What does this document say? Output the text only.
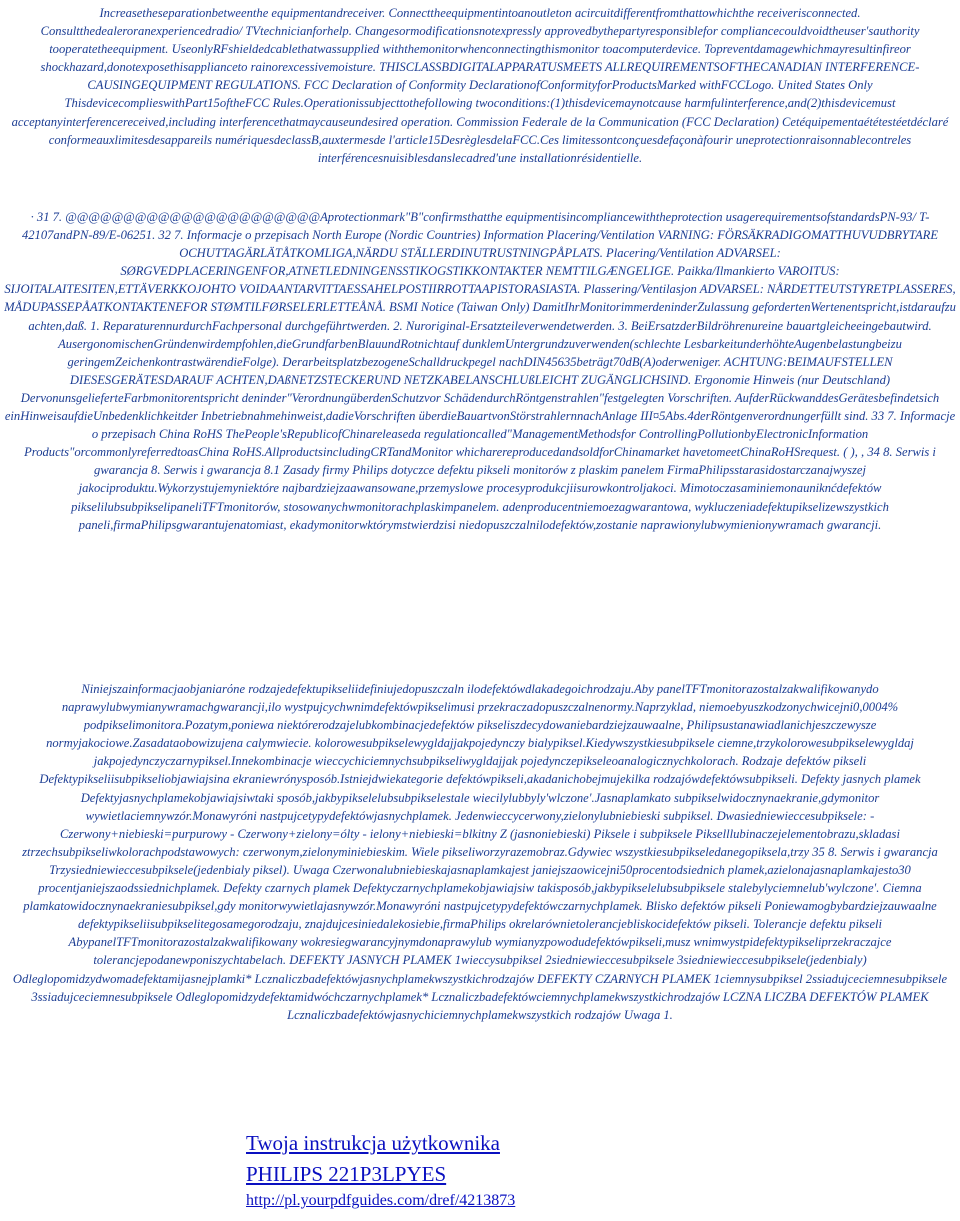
Increasetheseparationbetweenthe equipmentandreceiver. Connecttheequipmentintoanoutleton acircuitdifferentfromthattowhichthe receiverisconnected. Consultthedealeroranexperiencedradio/ TVtechnicianforhelp. Changesormodificationsnotexpressly approvedbythepartyresponsiblefor compliancecouldvoidtheuser'sauthority tooperatetheequipment. UseonlyRFshieldedcablethatwassupplied withthemonitorwhenconnectingthismonitor toacomputerdevice. Topreventdamagewhichmayresultinfireor shockhazard,donotexposethisapplianceto rainorexcessivemoisture. THISCLASSBDIGITALAPPARATUSMEETS ALLREQUIREMENTSOFTHECANADIAN INTERFERENCE-CAUSINGEQUIPMENT REGULATIONS. FCC Declaration of Conformity DeclarationofConformityforProductsMarked withFCCLogo. United States Only ThisdevicecomplieswithPart15oftheFCC Rules.Operationissubjecttothefollowing twoconditions:(1)thisdevicemaynotcause harmfulinterference,and(2)thisdevicemust acceptanyinterferencereceived,including interferencethatmaycauseundesired operation. Commission Federale de la Communication (FCC Declaration) Cetéquipementaététestéetdéclaré conformeauxlimitesdesappareils numériquesdeclassB,auxtermesde l'article15DesrèglesdelaFCC.Ces limitessontconçuesdefaçonàfourir uneprotectionraisonnablecontreles interférencesnuisiblesdanslecadred'une installationrésidentielle.

· 31 7. @@@@@@@@@@@@@@@@@@@@@@Aprotectionmark"B"confirmsthatthe equipmentisincompliancewiththeprotection usagerequirementsofstandardsPN-93/ T-42107andPN-89/E-06251. 32 7. Informacje o przepisach North Europe (Nordic Countries) Information Placering/Ventilation VARNING: FÖRSÄKRADIGOMATTHUVUDBRYTARE OCHUTTAGÄRLÄTÅTKOMLIGA,NÄRDU STÄLLERDINUTRUSTNINGPÅPLATS. Placering/Ventilation ADVARSEL: SØRGVEDPLACERINGENFOR,ATNETLEDNINGENSSTIKOGSTIKKONTAKTER NEMTTILGÆNGELIGE. Paikka/Ilmankierto VAROITUS: SIJOITALAITESITEN,ETTÄVERKKOJOHTO VOIDAANTARVITTAESSAHELPOSTIIRROTTAAPISTORASIASTA. Plassering/Ventilasjon ADVARSEL: NÅRDETTEUTSTYRETPLASSERES, MÅDUPASSEPÅATKONTAKTENEFOR STØMTILFØRSELERLETTEÅNÅ. BSMI Notice (Taiwan Only) DamitIhrMonitorimmerdeninderZulassung gefordertenWertenentspricht,istdaraufzu achten,daß. 1. ReparaturennurdurchFachpersonal durchgeführtwerden. 2. Nuroriginal-Ersatzteileverwendetwerden. 3. BeiErsatzderBildröhrenureine bauartgleicheeingebautwird. AusergonomischenGründenwirdempfohlen,dieGrundfarbenBlauundRotnichtauf dunklemUntergrundzuverwenden(schlechte LesbarkeitunderhöhteAugenbelastungbeizu geringemZeichenkontrastwärendieFolge). DerarbeitsplatzbezogeneSchalldruckpegel nachDIN45635beträgt70dB(A)oderweniger. ACHTUNG:BEIMAUFSTELLEN DIESESGERÄTESDARAUF ACHTEN,DAßNETZSTECKERUND NETZKABELANSCHLUßLEICHT ZUGÄNGLICHSIND. Ergonomie Hinweis (nur Deutschland) DervonunsgeliefertеFarbmonitorentspricht deninder"VerordnungüberdenSchutzvor SchädendurchRöntgenstrahlen"festgelegten Vorschriften. AufderRückwanddesGerätesbefindetsich einHinweisaufdieUnbedenklichkeitder Inbetriebnahmehinweist,dadieVorschriften überdieBauartvonStörstrahlernnachAnlage III¤5Abs.4derRöntgenverordnungerfüllt sind. 33 7. Informacje o przepisach China RoHS ThePeople'sRepublicofChinareleaseda regulationcalled"ManagementMethodsfor ControllingPollutionbyElectronicInformation Products"orcommonlyreferredtoasChina RoHS.AllproductsincludingCRTandMonitor whicharereproducedandsoldforChinamarket havetomeetChinaRoHSrequest. ( ), , 34 8. Serwis i gwarancja 8. Serwis i gwarancja 8.1 Zasady firmy Philips dotyczce defektu pikseli monitorów z plaskim panelem FirmaPhilipsstarasidostarczanajwyszej jakociproduktu.Wykorzystujemyniektóre najbardziejzaawansowane,przemyslowe procesyprodukcjiisurowkontroljakoci. Mimotoczasaminiemonauniknćdefektów pikselilubsubpikselipaneliTFTmonitorów, stosowanychwmonitorachplaskimpanelem. adenproducentniemoezagwarantowa, wykluczeniadefektupikselizewszystkich paneli,firmaPhilipsgwarantujenatomiast, ekadymonitorwktórymstwierdzisi niedopuszczalnilodefektów,zostanie naprawionylubwymienionywramach gwarancji.

Niniejszainformacjaobjaniarόne rodzajedefektupikseliidefiniujedopuszczaln ilodefektówdlakadegoichrodzaju.Aby panelTFTmonitorazostalzakwalifikowanydo naprawylubwymianywramachgwarancji,ilo wystpujcychwnimdefektówpikselimusi przekraczadopuszczalnenormy.Naprzyklad, niemoebyuszkodzonychwicejni0,0004% podpikselimonitora.Pozatym,poniewa niektórerodzajelubkombinacjedefektów pikseliszdecydowaniebardziejzauwaalne, Philipsustanawiadlanichjeszczewysze normyjakociowe.Zasadataobowizujena calymwiecie. kolorowesubpikselewygldajjakpojedynczy bialypiksel.Kiedywszystkiesubpiksele ciemne,trzykolorowesubpikselewygldaj jakpojedynczyczarnypiksel.Innekombinacje wieccychiciemnychsubpikseliwygldajjak pojedynczepikselеoanalogicznychkolorach. Rodzaje defektów pikseli Defektypikseliisubpikseliobjawiajsina ekraniewrónysposób.Istniejdwiekategorie defektówpikseli,akadanichobejmujekilka rodzajówdefektówsubpikseli. Defekty jasnych plamek Defektyjasnychplamekobjawiajsiwtaki sposób,jakbypikselelubsubpikselestale wiecilylubbyly'wlczone'.Jasnaplamkato subpikselwidocznynaekranie,gdymonitor wywietlaciemnywzór.Monawyróni nastpujcetypydefektówjasnychplamek. Jedenwieccycerwony,zielonylubniebieski subpiksel. Dwasiedniewieccesubpiksele: - Czerwony+niebieski=purpurowy - Czerwony+zielony=ólty - ielony+niebieski=blkitny Z (jasnoniebieski) Piksele i subpiksele Pikselllubinaczejelementobrazu,skladasi ztrzechsubpikseliwkolorachpodstawowych: czerwonym,zielonyminiebieskim. Wiele pikseliworzyrazemobraz.Gdywiec wszystkiesubpikseledanegopiksela,trzy 35 8. Serwis i gwarancja Trzysiedniewieccesubpiksele(jedenbialy piksel). Uwaga Czerwonalubniebieskajasnaplamkajest janiejszaowicejni50procentodsiednich plamek,azielonajasnaplamkajesto30 procentjaniejszaodssiednichplamek. Defekty czarnych plamek Defektyczarnychplamekobjawiajsiw takisposób,jakbypikselelubsubpiksele stalebylyciemnelub'wylczone'. Ciemna plamkatowidocznynaekraniesubpiksel,gdy monitorwywietlajasnywzór.Monawyróni nastpujcetypydefektówczarnychplamek. Blisko defektów pikseli Poniewamogbybardziejzauwaalne defektypikseliisubpikselitegosamegorodzaju, znajdujcesiniedalekosiebie,firmaPhilips okrelarównietolerancjebliskocidefektów pikseli. Tolerancje defektu pikseli AbypanelTFTmonitorazostalzakwalifikowany wokresiegwarancyjnymdonaprawylub wymianyzpowodudefektówpikseli,musz wnimwystpidefektypikseliprzekraczajce tolerancjepodanewponiszychtabelach. DEFEKTY JASNYCH PLAMEK 1wieccysubpiksel 2siedniewieccesubpiksele 3siedniewieccesubpiksele(jedenbialy) Odleglopomidzydwomadefektamijasnejplamki* Lcznaliczbadefektówjasnychplamekwszystkichrodzajów DEFEKTY CZARNYCH PLAMEK 1ciemnysubpiksel 2ssiadujceciemnesubpiksele 3ssiadujceciemnesubpiksele Odleglopomidzydefektamidwóchczarnychplamek* Lcznaliczbadefektówciemnychplamekwszystkichrodzajów LCZNA LICZBA DEFEKTÓW PLAMEK Lcznaliczbadefektówjasnychiciemnychplamekwszystkich rodzajów Uwaga 1.

Twoja instrukcja użytkownika
PHILIPS 221P3LPYES
http://pl.yourpdfguides.com/dref/4213873
